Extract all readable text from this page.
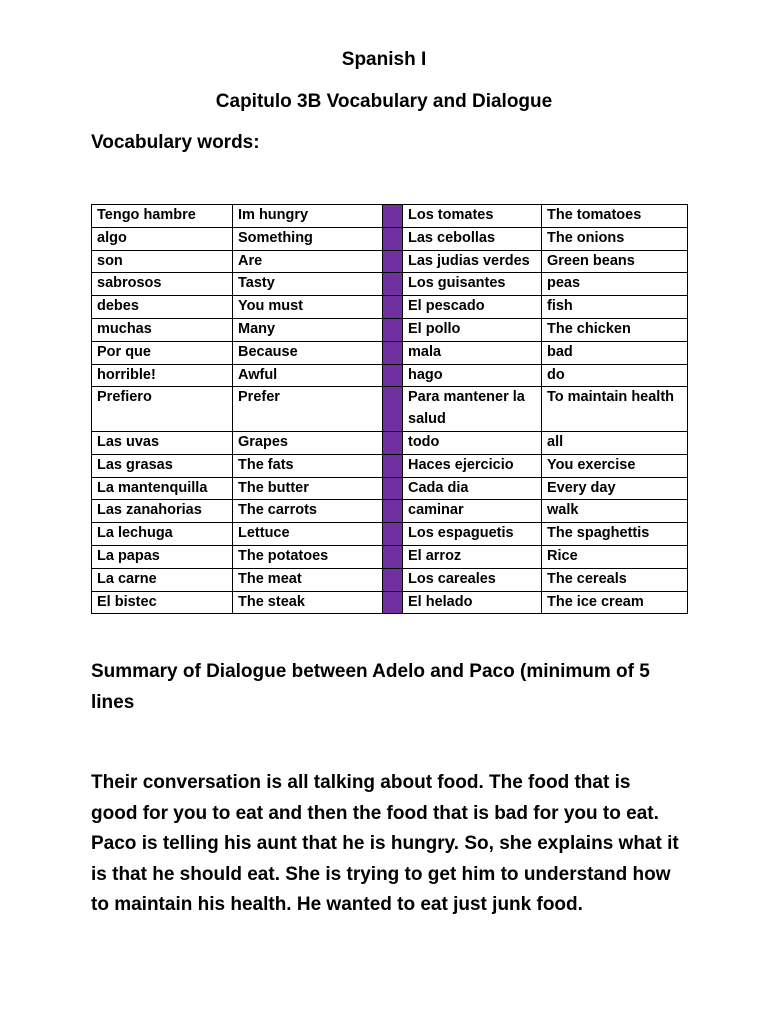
Spanish I
Capitulo 3B Vocabulary and Dialogue
Vocabulary words:
Tengo hambre	Im hungry		Los tomates	The tomatoes
algo	Something		Las cebollas	The onions
son	Are		Las judias verdes	Green beans
sabrosos	Tasty		Los guisantes	peas
debes	You must		El pescado	fish
muchas	Many		El pollo	The chicken
Por que	Because		mala	bad
horrible!	Awful		hago	do
Prefiero	Prefer		Para mantener la salud	To maintain health
Las uvas	Grapes		todo	all
Las grasas	The fats		Haces ejercicio	You exercise
La mantenquilla	The butter		Cada dia	Every day
Las zanahorias	The carrots		caminar	walk
La lechuga	Lettuce		Los espaguetis	The spaghettis
La papas	The potatoes		El arroz	Rice
La carne	The meat		Los careales	The cereals
El bistec	The steak		El helado	The ice cream

Summary of Dialogue between Adelo and Paco (minimum of 5 lines

Their conversation is all talking about food. The food that is good for you to eat and then the food that is bad for you to eat. Paco is telling his aunt that he is hungry. So, she explains what it is that he should eat. She is trying to get him to understand how to maintain his health. He wanted to eat just junk food.
